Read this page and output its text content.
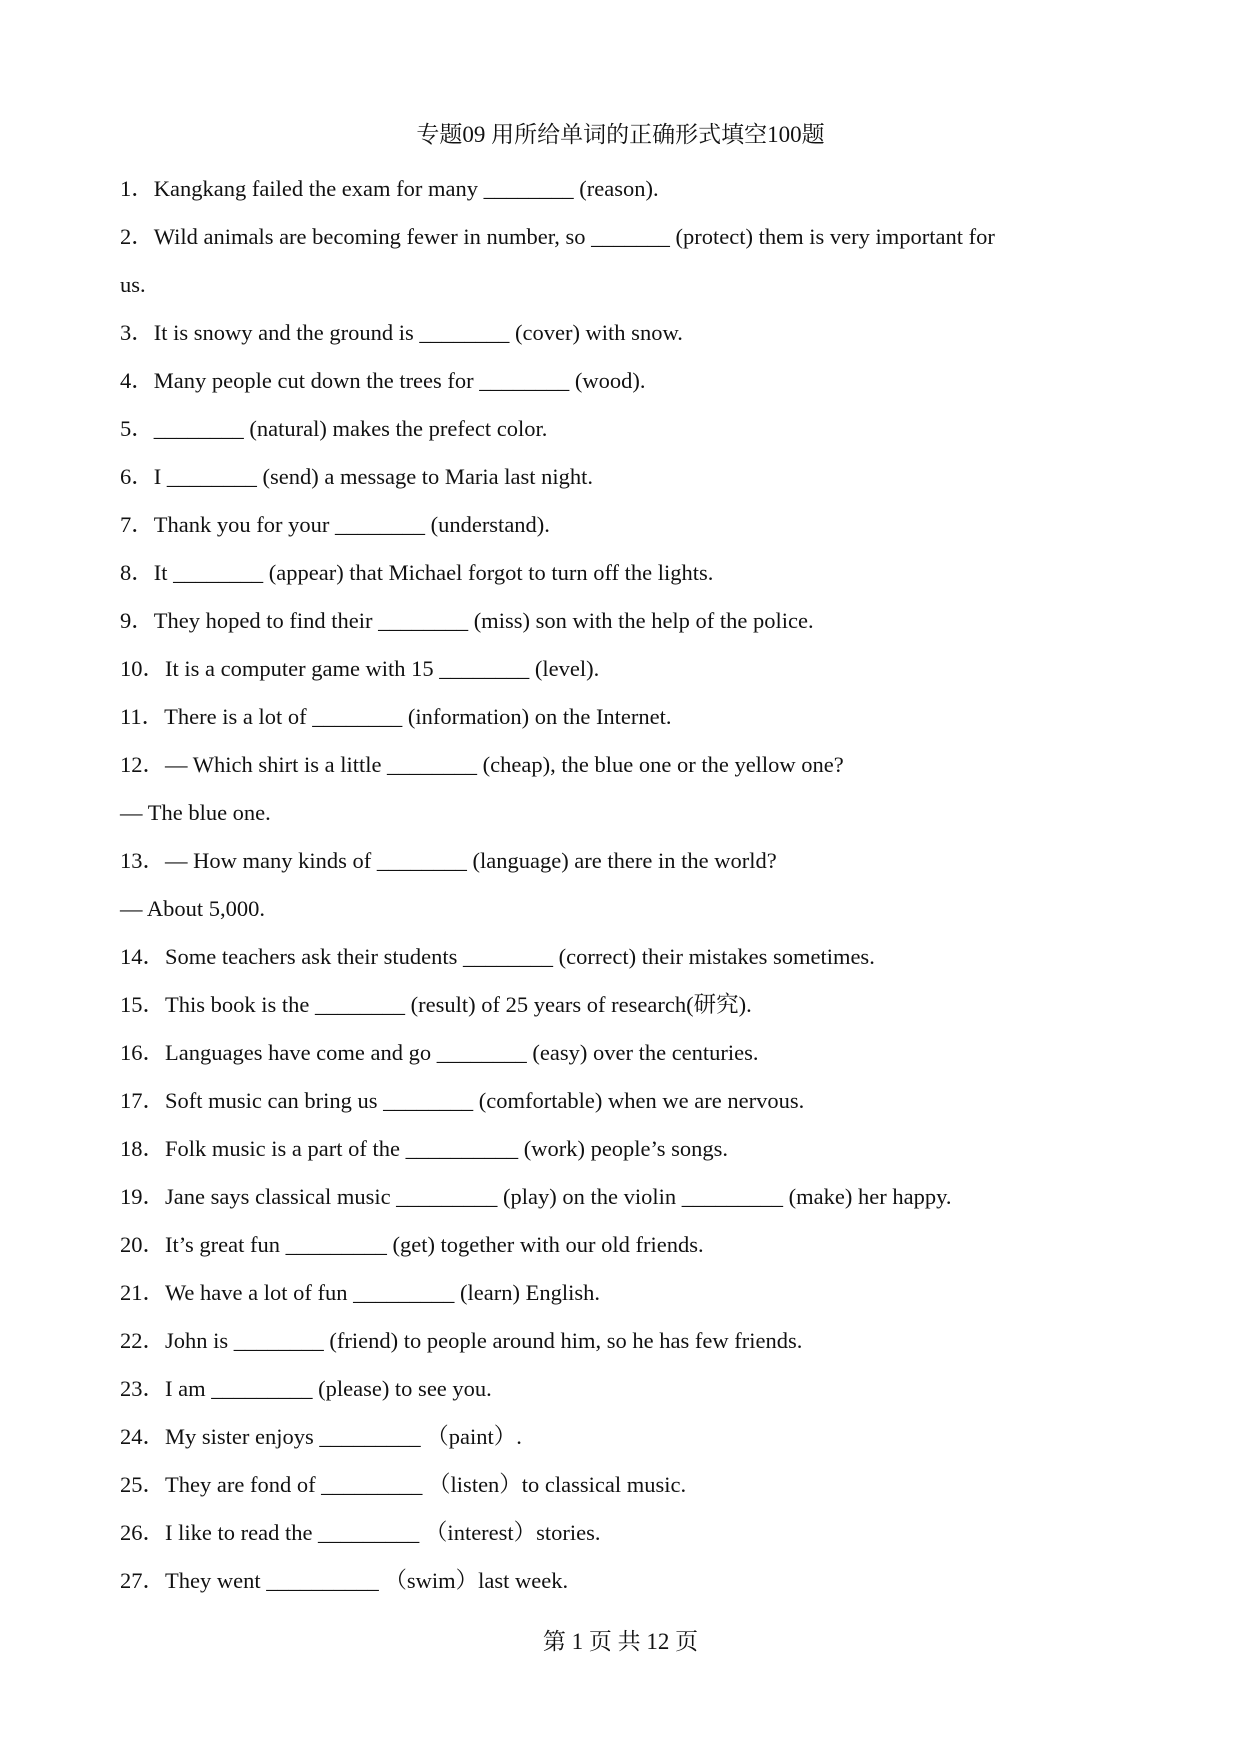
专题09 用所给单词的正确形式填空100题
1．Kangkang failed the exam for many ________ (reason).
2．Wild animals are becoming fewer in number, so _______ (protect) them is very important for
us.
3．It is snowy and the ground is ________ (cover) with snow.
4．Many people cut down the trees for ________ (wood).
5．________ (natural) makes the prefect color.
6．I ________ (send) a message to Maria last night.
7．Thank you for your ________ (understand).
8．It ________ (appear) that Michael forgot to turn off the lights.
9．They hoped to find their ________ (miss) son with the help of the police.
10．It is a computer game with 15 ________ (level).
11．There is a lot of ________ (information) on the Internet.
12．— Which shirt is a little ________ (cheap), the blue one or the yellow one?
— The blue one.
13．— How many kinds of ________ (language) are there in the world?
— About 5,000.
14．Some teachers ask their students ________ (correct) their mistakes sometimes.
15．This book is the ________ (result) of 25 years of research(研究).
16．Languages have come and go ________ (easy) over the centuries.
17．Soft music can bring us ________ (comfortable) when we are nervous.
18．Folk music is a part of the __________ (work) people’s songs.
19．Jane says classical music _________ (play) on the violin _________ (make) her happy.
20．It’s great fun _________ (get) together with our old friends.
21．We have a lot of fun _________ (learn) English.
22．John is ________ (friend) to people around him, so he has few friends.
23．I am _________ (please) to see you.
24．My sister enjoys _________ （paint）.
25．They are fond of _________ （listen）to classical music.
26．I like to read the _________ （interest）stories.
27．They went __________ （swim）last week.
第 1 页 共 12 页
